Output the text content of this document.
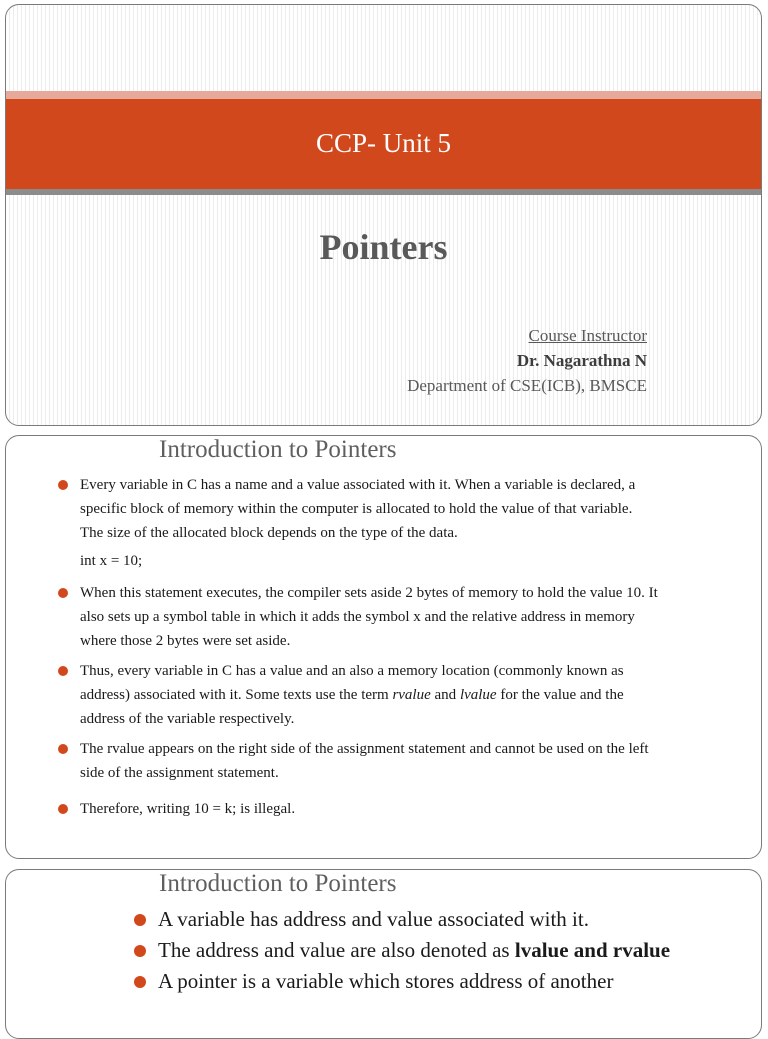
CCP- Unit 5
Pointers
Course Instructor
Dr. Nagarathna N
Department of CSE(ICB), BMSCE
Introduction to Pointers
Every variable in C has a name and a value associated with it. When a variable is declared, a specific block of memory within the computer is allocated to hold the value of that variable. The size of the allocated block depends on the type of the data.
int x = 10;
When this statement executes, the compiler sets aside 2 bytes of memory to hold the value 10. It also sets up a symbol table in which it adds the symbol x and the relative address in memory where those 2 bytes were set aside.
Thus, every variable in C has a value and an also a memory location (commonly known as address) associated with it. Some texts use the term rvalue and lvalue for the value and the address of the variable respectively.
The rvalue appears on the right side of the assignment statement and cannot be used on the left side of the assignment statement.
Therefore, writing 10 = k; is illegal.
Introduction to Pointers
A variable has address and value associated with it.
The address and value are also denoted as lvalue and rvalue
A pointer is a variable which stores address of another
